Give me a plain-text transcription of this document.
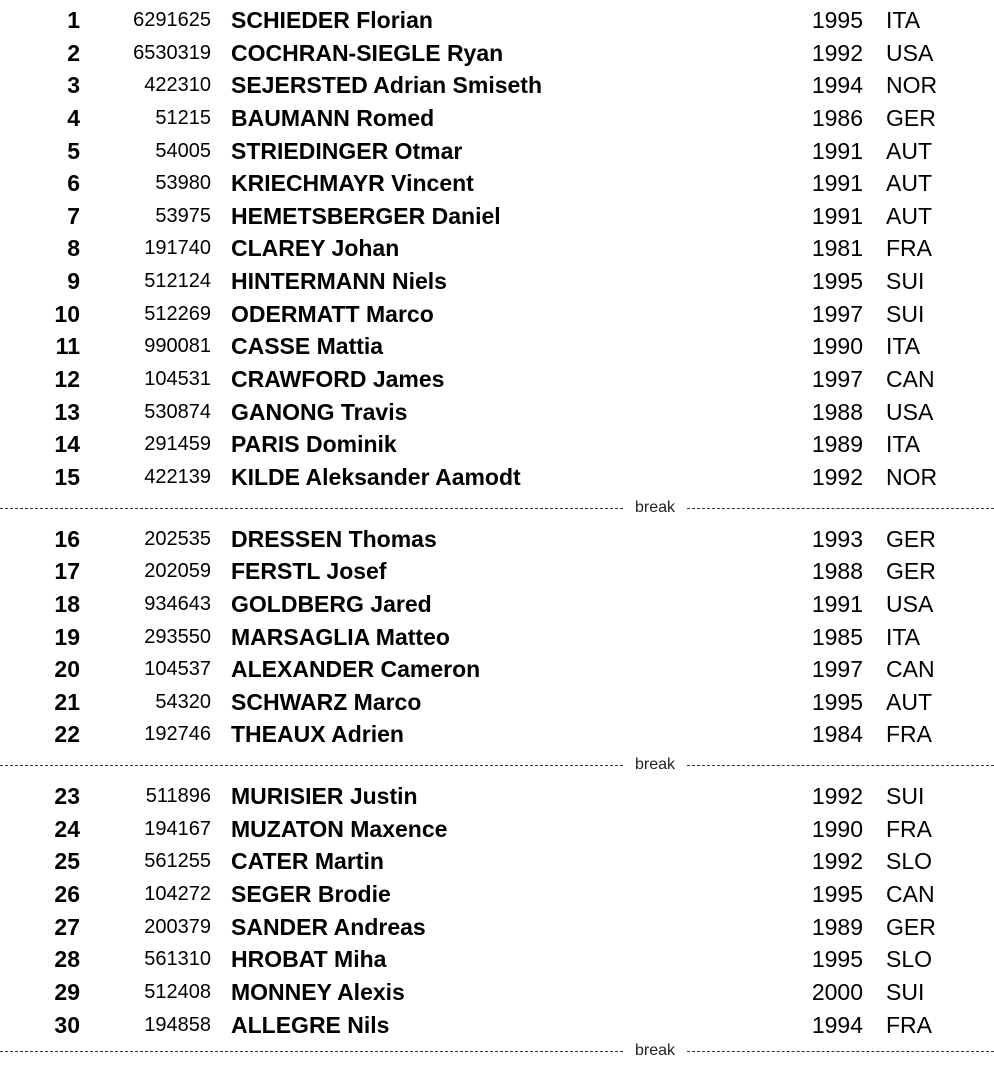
1	6291625 SCHIEDER Florian	1995 ITA
2	6530319 COCHRAN-SIEGLE Ryan	1992 USA
3	422310 SEJERSTED Adrian Smiseth	1994 NOR
4	51215 BAUMANN Romed	1986 GER
5	54005 STRIEDINGER Otmar	1991 AUT
6	53980 KRIECHMAYR Vincent	1991 AUT
7	53975 HEMETSBERGER Daniel	1991 AUT
8	191740 CLAREY Johan	1981 FRA
9	512124 HINTERMANN Niels	1995 SUI
10	512269 ODERMATT Marco	1997 SUI
11	990081 CASSE Mattia	1990 ITA
12	104531 CRAWFORD James	1997 CAN
13	530874 GANONG Travis	1988 USA
14	291459 PARIS Dominik	1989 ITA
15	422139 KILDE Aleksander Aamodt	1992 NOR
break
16	202535 DRESSEN Thomas	1993 GER
17	202059 FERSTL Josef	1988 GER
18	934643 GOLDBERG Jared	1991 USA
19	293550 MARSAGLIA Matteo	1985 ITA
20	104537 ALEXANDER Cameron	1997 CAN
21	54320 SCHWARZ Marco	1995 AUT
22	192746 THEAUX Adrien	1984 FRA
break
23	511896 MURISIER Justin	1992 SUI
24	194167 MUZATON Maxence	1990 FRA
25	561255 CATER Martin	1992 SLO
26	104272 SEGER Brodie	1995 CAN
27	200379 SANDER Andreas	1989 GER
28	561310 HROBAT Miha	1995 SLO
29	512408 MONNEY Alexis	2000 SUI
30	194858 ALLEGRE Nils	1994 FRA
break
